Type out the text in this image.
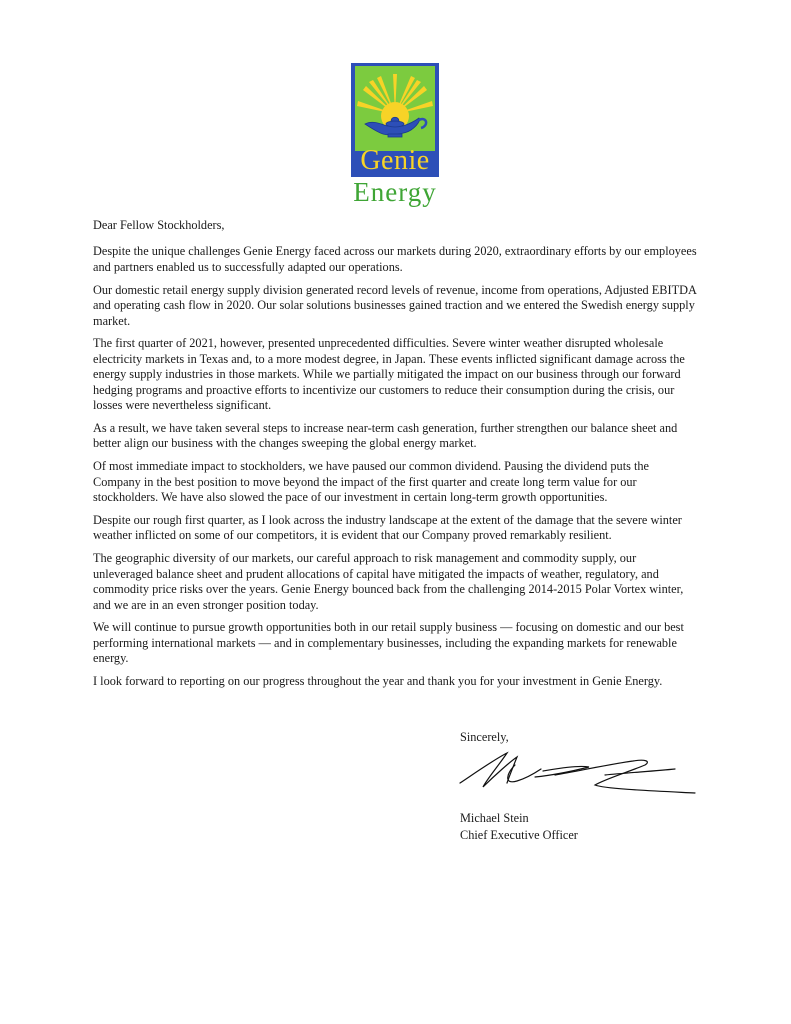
Genie
Energy

Dear Fellow Stockholders,

Despite the unique challenges Genie Energy faced across our markets during 2020, extraordinary efforts by our employees and partners enabled us to successfully adapted our operations.

Our domestic retail energy supply division generated record levels of revenue, income from operations, Adjusted EBITDA and operating cash flow in 2020. Our solar solutions businesses gained traction and we entered the Swedish energy supply market.

The first quarter of 2021, however, presented unprecedented difficulties. Severe winter weather disrupted wholesale electricity markets in Texas and, to a more modest degree, in Japan. These events inflicted significant damage across the energy supply industries in those markets. While we partially mitigated the impact on our business through our forward hedging programs and proactive efforts to incentivize our customers to reduce their consumption during the crisis, our losses were nevertheless significant.

As a result, we have taken several steps to increase near-term cash generation, further strengthen our balance sheet and better align our business with the changes sweeping the global energy market.

Of most immediate impact to stockholders, we have paused our common dividend. Pausing the dividend puts the Company in the best position to move beyond the impact of the first quarter and create long term value for our stockholders. We have also slowed the pace of our investment in certain long-term growth opportunities.

Despite our rough first quarter, as I look across the industry landscape at the extent of the damage that the severe winter weather inflicted on some of our competitors, it is evident that our Company proved remarkably resilient.

The geographic diversity of our markets, our careful approach to risk management and commodity supply, our unleveraged balance sheet and prudent allocations of capital have mitigated the impacts of weather, regulatory, and commodity price risks over the years. Genie Energy bounced back from the challenging 2014-2015 Polar Vortex winter, and we are in an even stronger position today.

We will continue to pursue growth opportunities both in our retail supply business — focusing on domestic and our best performing international markets — and in complementary businesses, including the expanding markets for renewable energy.

I look forward to reporting on our progress throughout the year and thank you for your investment in Genie Energy.

Sincerely,
Michael Stein
Chief Executive Officer
